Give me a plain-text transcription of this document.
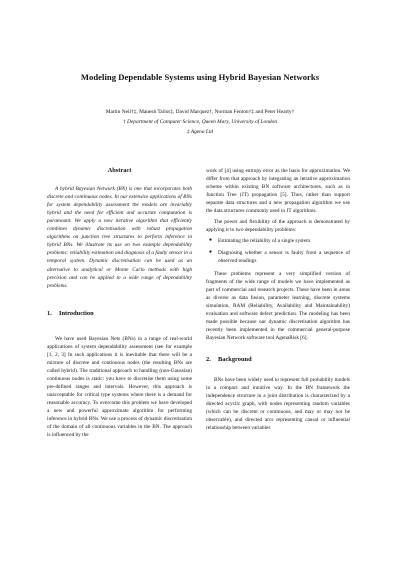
Modeling Dependable Systems using Hybrid Bayesian Networks
Martin Neil†‡, Manesh Tailor‡, David Marquez†, Norman Fenton†‡ and Peter Hearty†
† Department of Computer Science, Queen Mary, University of London
‡ Agena Ltd
Abstract

A hybrid Bayesian Network (BN) is one that incorporates both discrete and continuous nodes. In our extensive applications of BNs for system dependability assessment the models are invariably hybrid and the need for efficient and accurate computation is paramount. We apply a new iterative algorithm that efficiently combines dynamic discretisation with robust propagation algorithms on junction tree structures to perform inference in hybrid BNs. We illustrate its use on two example dependability problems: reliability estimation and diagnosis of a faulty sensor in a temporal system. Dynamic discretisation can be used as an alternative to analytical or Monte Carlo methods with high precision and can be applied to a wide range of dependability problems.

1. Introduction

We have used Bayesian Nets (BNs) in a range of real-world applications of system dependability assessment (see for example [1, 2, 3] In such applications it is inevitable that there will be a mixture of discrete and continuous nodes (the resulting BNs are called hybrid). The traditional approach to handling (non-Gaussian) continuous nodes is static: you have to discretise them using some pre-defined ranges and intervals. However, this approach is unacceptable for critical type systems where there is a demand for reasonable accuracy. To overcome this problem we have developed a new and powerful approximate algorithm for performing inference in hybrid BNs. We use a process of dynamic discretisation of the domain of all continuous variables in the BN. The approach is influenced by the

work of [4] using entropy error as the basis for approximation. We differ from that approach by integrating an iterative approximation scheme within existing BN software architectures, such as in Junction Tree (JT) propagation [5]. Thus, rather than support separate data structures and a new propagation algorithm we use the data structures commonly used in JT algorithms.

The power and flexibility of the approach is demonstrated by applying it to two dependability problems:

● Estimating the reliability of a single system
● Diagnosing whether a sensor is faulty from a sequence of observed readings

These problems represent a very simplified version of fragments of the wide range of models we have implemented as part of commercial and research projects. These have been in areas as diverse as data fusion, parameter learning, discrete systems simulation, RAM (Reliability, Availability and Maintainability) evaluation and software defect prediction. The modeling has been made possible because our dynamic discretisation algorithm has recently been implemented in the commercial general-purpose Bayesian Network software tool AgenaRisk [6].

2. Background

BNs have been widely used to represent full probability models in a compact and intuitive way. In the BN framework the independence structure in a joint distribution is characterized by a directed acyclic graph, with nodes representing random variables (which can be discrete or continuous, and may or may not be observable), and directed arcs representing causal or influential relationship between variables
